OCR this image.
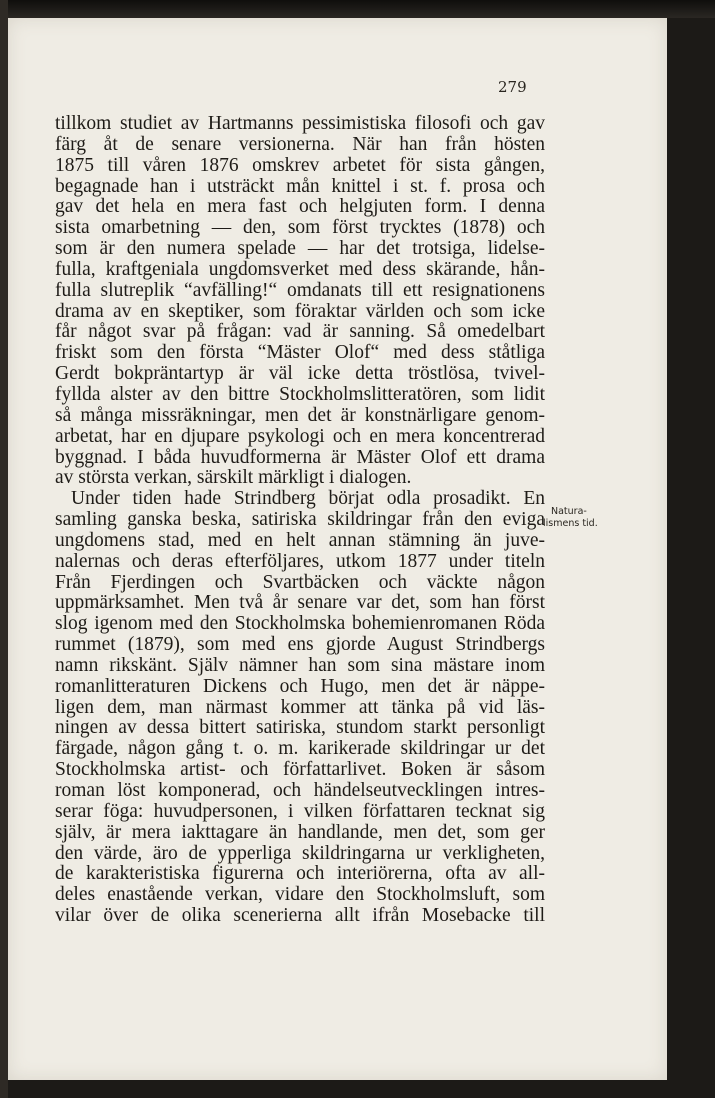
279
tillkom studiet av Hartmanns pessimistiska filosofi och gav
färg åt de senare versionerna. När han från hösten
1875 till våren 1876 omskrev arbetet för sista gången,
begagnade han i utsträckt mån knittel i st. f. prosa och
gav det hela en mera fast och helgjuten form. I denna
sista omarbetning — den, som först trycktes (1878) och
som är den numera spelade — har det trotsiga, lidelse-
fulla, kraftgeniala ungdomsverket med dess skärande, hån-
fulla slutreplik “avfälling!“ omdanats till ett resignationens
drama av en skeptiker, som föraktar världen och som icke
får något svar på frågan: vad är sanning. Så omedelbart
friskt som den första “Mäster Olof“ med dess ståtliga
Gerdt bokpräntartyp är väl icke detta tröstlösa, tvivel-
fyllda alster av den bittre Stockholmslitteratören, som lidit
så många missräkningar, men det är konstnärligare genom-
arbetat, har en djupare psykologi och en mera koncentrerad
byggnad. I båda huvudformerna är Mäster Olof ett drama
av största verkan, särskilt märkligt i dialogen.
Under tiden hade Strindberg börjat odla prosadikt. En
samling ganska beska, satiriska skildringar från den eviga
ungdomens stad, med en helt annan stämning än juve-
nalernas och deras efterföljares, utkom 1877 under titeln
Från Fjerdingen och Svartbäcken och väckte någon
uppmärksamhet. Men två år senare var det, som han först
slog igenom med den Stockholmska bohemienromanen Röda
rummet (1879), som med ens gjorde August Strindbergs
namn rikskänt. Själv nämner han som sina mästare inom
romanlitteraturen Dickens och Hugo, men det är näppe-
ligen dem, man närmast kommer att tänka på vid läs-
ningen av dessa bittert satiriska, stundom starkt personligt
färgade, någon gång t. o. m. karikerade skildringar ur det
Stockholmska artist- och författarlivet. Boken är såsom
roman löst komponerad, och händelseutvecklingen intres-
serar föga: huvudpersonen, i vilken författaren tecknat sig
själv, är mera iakttagare än handlande, men det, som ger
den värde, äro de ypperliga skildringarna ur verkligheten,
de karakteristiska figurerna och interiörerna, ofta av all-
deles enastående verkan, vidare den Stockholmsluft, som
vilar över de olika scenerierna allt ifrån Mosebacke till
Natura-
lismens tid.
